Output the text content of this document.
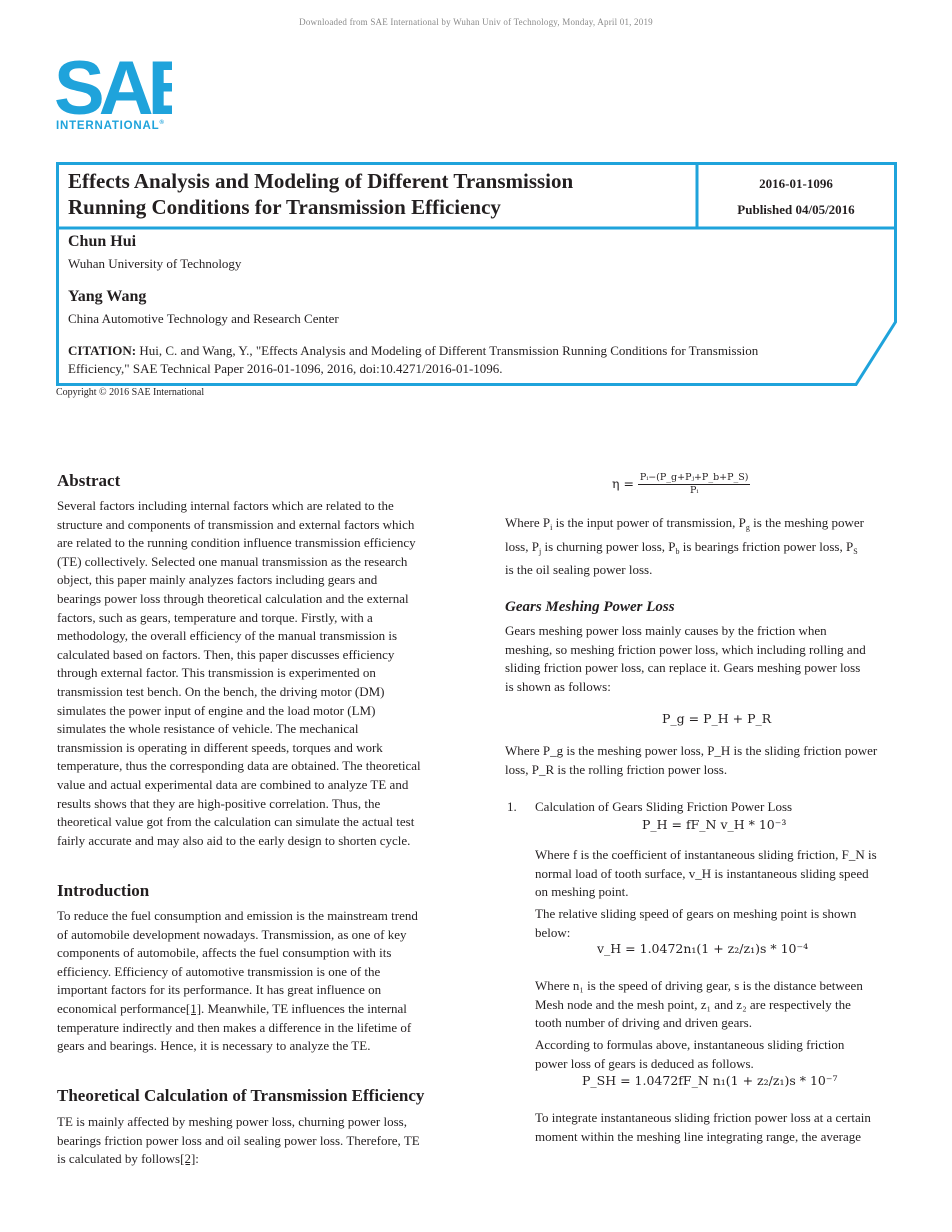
Downloaded from SAE International by Wuhan Univ of Technology, Monday, April 01, 2019
SA
INTERNATIONAL®
Effects Analysis and Modeling of Different Transmission
Running Conditions for Transmission Efficiency
2016-01-1096
Published 04/05/2016
Chun Hui
Wuhan University of Technology
Yang Wang
China Automotive Technology and Research Center
CITATION: Hui, C. and Wang, Y., "Effects Analysis and Modeling of Different Transmission Running Conditions for Transmission
Efficiency," SAE Technical Paper 2016-01-1096, 2016, doi:10.4271/2016-01-1096.
Copyright © 2016 SAE International
Abstract
Several factors including internal factors which are related to the
structure and components of transmission and external factors which
are related to the running condition influence transmission efficiency
(TE) collectively. Selected one manual transmission as the research
object, this paper mainly analyzes factors including gears and
bearings power loss through theoretical calculation and the external
factors, such as gears, temperature and torque. Firstly, with a
methodology, the overall efficiency of the manual transmission is
calculated based on factors. Then, this paper discusses efficiency
through external factor. This transmission is experimented on
transmission test bench. On the bench, the driving motor (DM)
simulates the power input of engine and the load motor (LM)
simulates the whole resistance of vehicle. The mechanical
transmission is operating in different speeds, torques and work
temperature, thus the corresponding data are obtained. The theoretical
value and actual experimental data are combined to analyze TE and
results shows that they are high-positive correlation. Thus, the
theoretical value got from the calculation can simulate the actual test
fairly accurate and may also aid to the early design to shorten cycle.
Introduction
To reduce the fuel consumption and emission is the mainstream trend
of automobile development nowadays. Transmission, as one of key
components of automobile, affects the fuel consumption with its
efficiency. Efficiency of automotive transmission is one of the
important factors for its performance. It has great influence on
economical performance[1]. Meanwhile, TE influences the internal
temperature indirectly and then makes a difference in the lifetime of
gears and bearings. Hence, it is necessary to analyze the TE.
Theoretical Calculation of Transmission Efficiency
TE is mainly affected by meshing power loss, churning power loss,
bearings friction power loss and oil sealing power loss. Therefore, TE
is calculated by follows[2]:
$\eta = \frac{\text{Pᵢ−(P\_g+Pⱼ+P\_b+P\_S)}}{\text{Pᵢ}}$
Where $P_i$ is the input power of transmission, $P_g$ is the meshing power
loss, $P_j$ is churning power loss, $P_b$ is bearings friction power loss, $P_S$
is the oil sealing power loss.
Gears Meshing Power Loss
Gears meshing power loss mainly causes by the friction when
meshing, so meshing friction power loss, which including rolling and
sliding friction power loss, can replace it. Gears meshing power loss
is shown as follows:
P_g = P_H + P_R
Where P_g is the meshing power loss, P_H is the sliding friction power
loss, P_R is the rolling friction power loss.
1. Calculation of Gears Sliding Friction Power Loss
P_H = fF_N v_H * 10⁻³
Where f is the coefficient of instantaneous sliding friction, F_N is
normal load of tooth surface, v_H is instantaneous sliding speed
on meshing point.
The relative sliding speed of gears on meshing point is shown
below:
v_H = 1.0472n₁(1 + z₂/z₁)s * 10⁻⁴
Where n₁ is the speed of driving gear, s is the distance between
Mesh node and the mesh point, z₁ and z₂ are respectively the
tooth number of driving and driven gears.
According to formulas above, instantaneous sliding friction
power loss of gears is deduced as follows.
P_SH = 1.0472fF_N n₁(1 + z₂/z₁)s * 10⁻⁷
To integrate instantaneous sliding friction power loss at a certain
moment within the meshing line integrating range, the average
